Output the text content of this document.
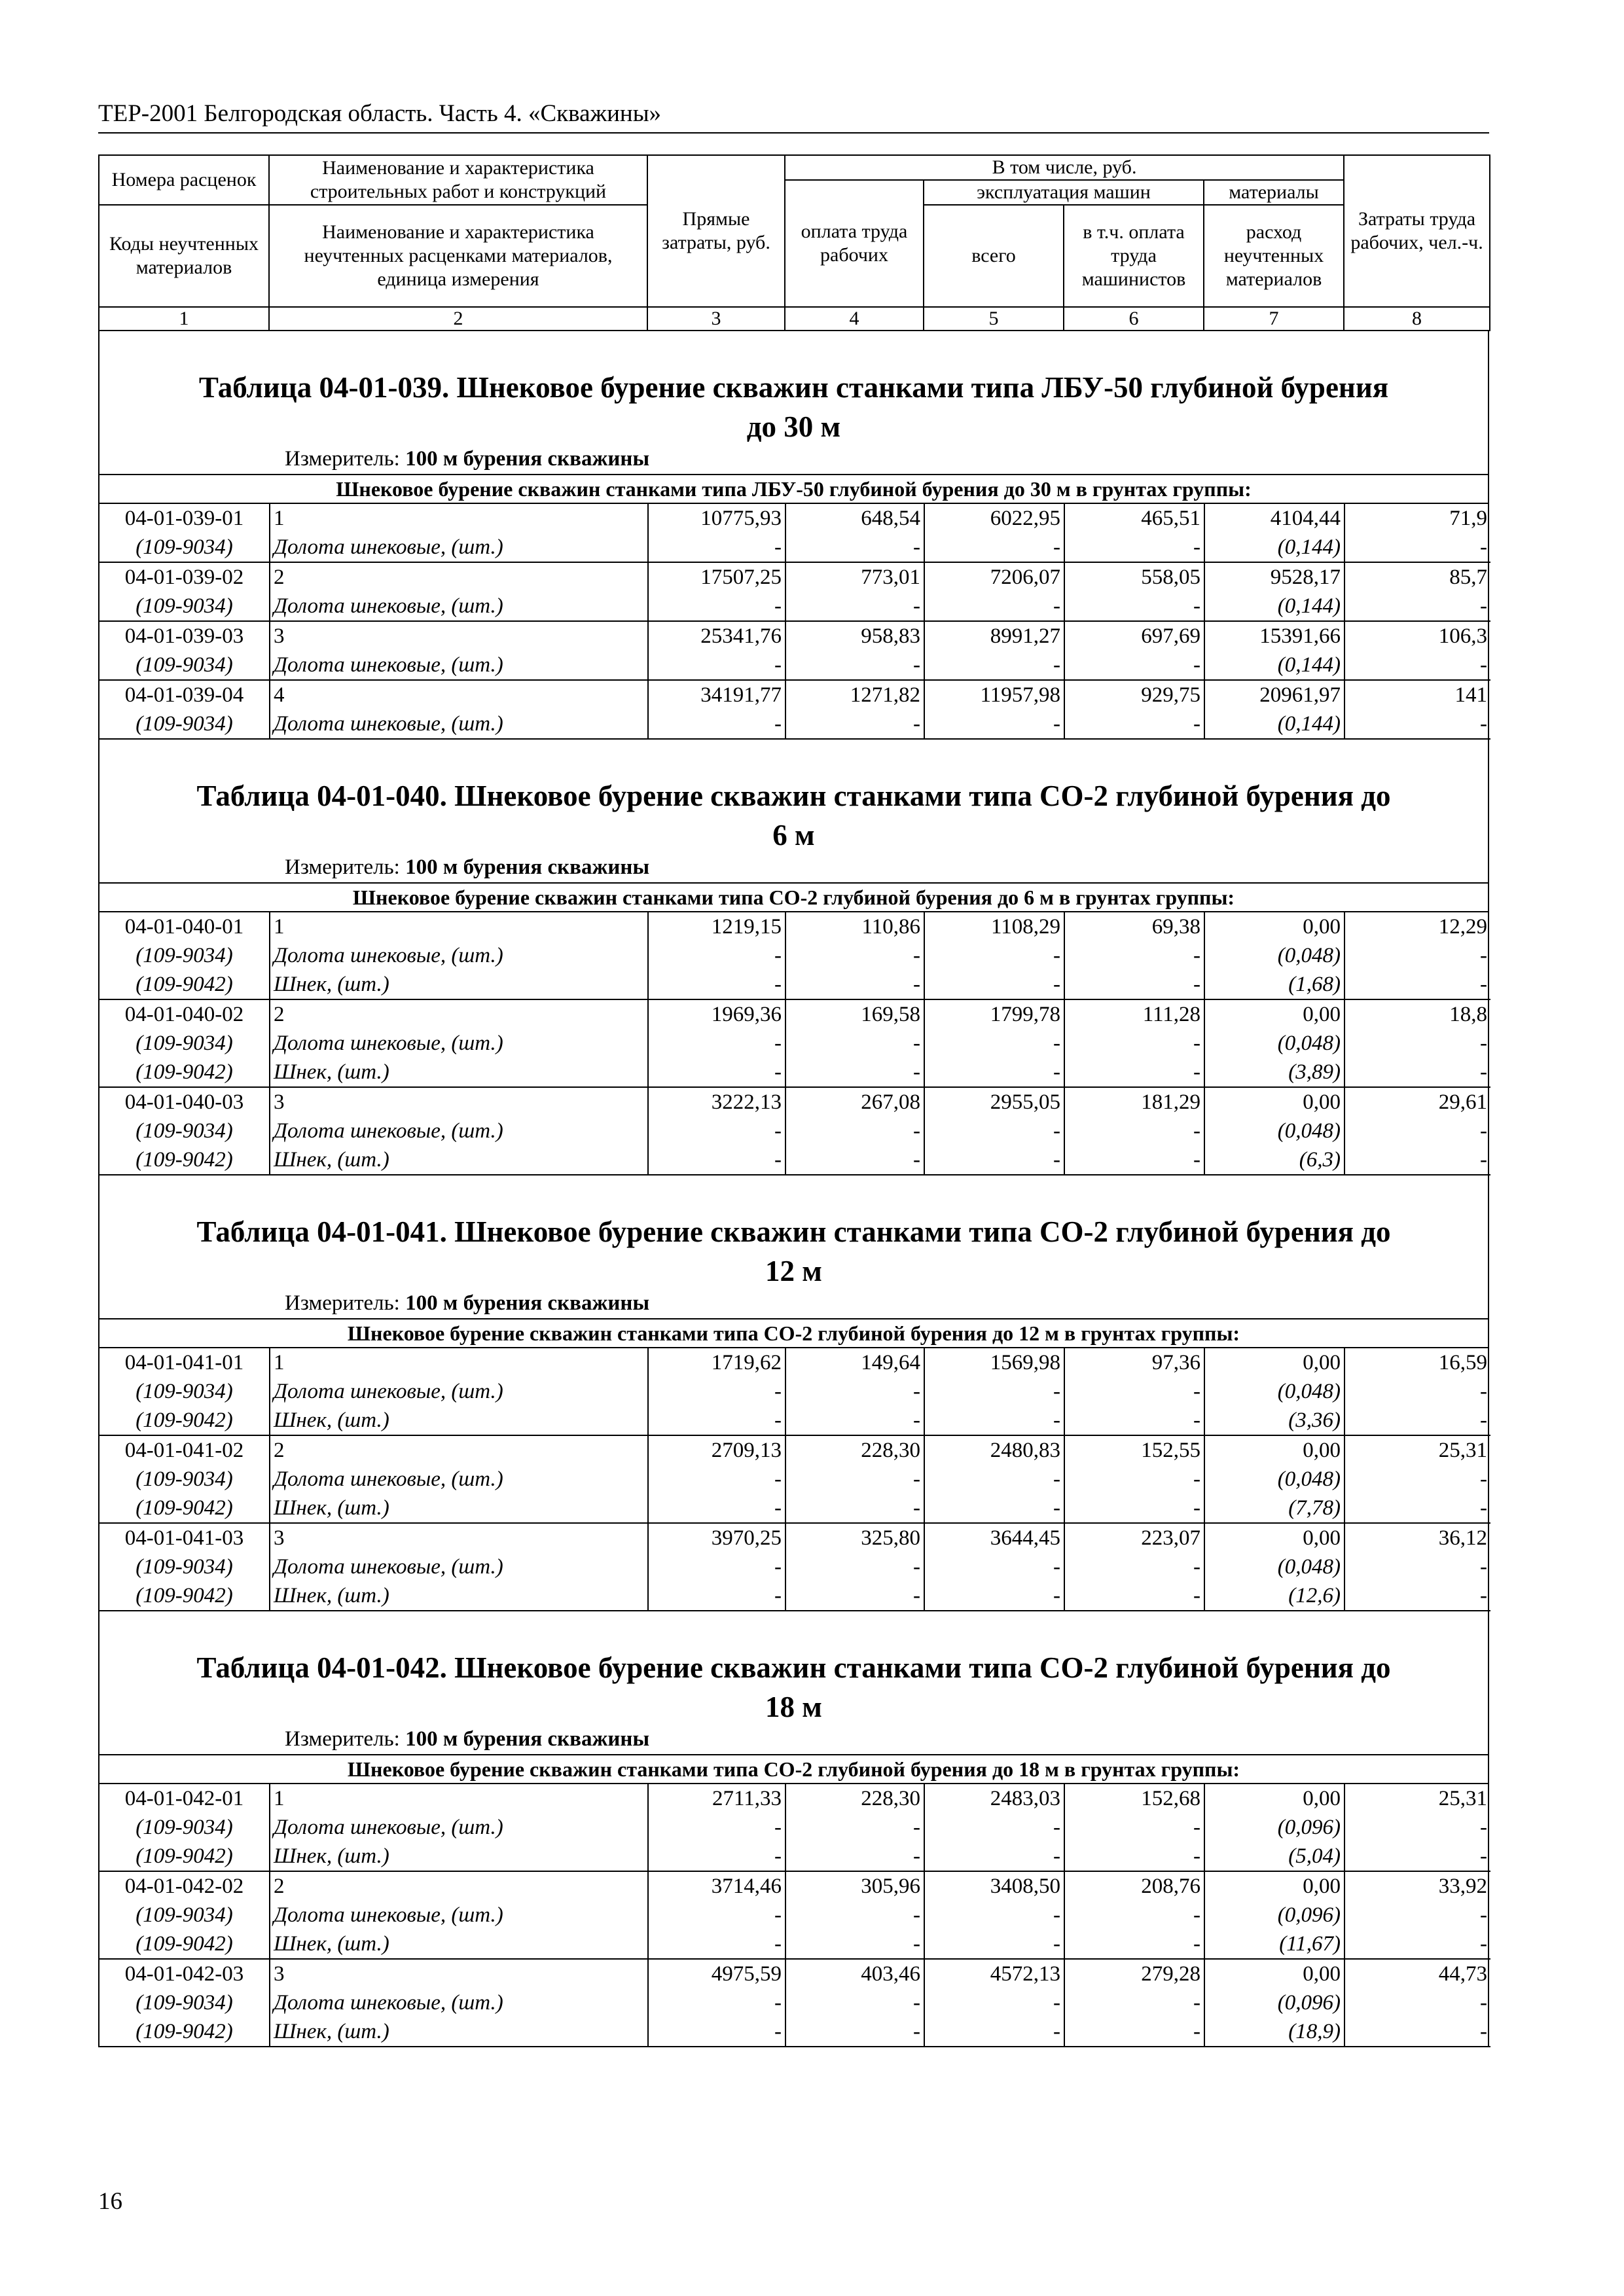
ТЕР-2001 Белгородская область. Часть 4. «Скважины»
Номера расценок	Наименование и характеристика строительных работ и конструкций	Прямые затраты, руб.	В том числе, руб.				Затраты труда рабочих, чел.-ч.
			оплата труда рабочих	эксплуатация машин		материалы	
Коды неучтенных материалов	Наименование и характеристика неучтенных расценками материалов, единица измерения			всего	в т.ч. оплата труда машинистов	расход неучтенных материалов	

1	2	3	4	5	6	7	8
Таблица 04-01-039. Шнековое бурение скважин станками типа ЛБУ-50 глубиной бурения
до 30 м
Измеритель: 100 м бурения скважины
Шнековое бурение скважин станками типа ЛБУ-50 глубиной бурения до 30 м в грунтах группы:
04-01-039-01	1	10775,93	648,54	6022,95	465,51	4104,44	71,9
(109-9034)	Долота шнековые, (шт.)	-	-	-	-	(0,144)	-
04-01-039-02	2	17507,25	773,01	7206,07	558,05	9528,17	85,7
(109-9034)	Долота шнековые, (шт.)	-	-	-	-	(0,144)	-
04-01-039-03	3	25341,76	958,83	8991,27	697,69	15391,66	106,3
(109-9034)	Долота шнековые, (шт.)	-	-	-	-	(0,144)	-
04-01-039-04	4	34191,77	1271,82	11957,98	929,75	20961,97	141
(109-9034)	Долота шнековые, (шт.)	-	-	-	-	(0,144)	-
Таблица 04-01-040. Шнековое бурение скважин станками типа СО-2 глубиной бурения до
6 м
Измеритель: 100 м бурения скважины
Шнековое бурение скважин станками типа СО-2 глубиной бурения до 6 м в грунтах группы:
04-01-040-01	1	1219,15	110,86	1108,29	69,38	0,00	12,29
(109-9034)	Долота шнековые, (шт.)	-	-	-	-	(0,048)	-
(109-9042)	Шнек, (шт.)	-	-	-	-	(1,68)	-
04-01-040-02	2	1969,36	169,58	1799,78	111,28	0,00	18,8
(109-9034)	Долота шнековые, (шт.)	-	-	-	-	(0,048)	-
(109-9042)	Шнек, (шт.)	-	-	-	-	(3,89)	-
04-01-040-03	3	3222,13	267,08	2955,05	181,29	0,00	29,61
(109-9034)	Долота шнековые, (шт.)	-	-	-	-	(0,048)	-
(109-9042)	Шнек, (шт.)	-	-	-	-	(6,3)	-
Таблица 04-01-041. Шнековое бурение скважин станками типа СО-2 глубиной бурения до
12 м
Измеритель: 100 м бурения скважины
Шнековое бурение скважин станками типа СО-2 глубиной бурения до 12 м в грунтах группы:
04-01-041-01	1	1719,62	149,64	1569,98	97,36	0,00	16,59
(109-9034)	Долота шнековые, (шт.)	-	-	-	-	(0,048)	-
(109-9042)	Шнек, (шт.)	-	-	-	-	(3,36)	-
04-01-041-02	2	2709,13	228,30	2480,83	152,55	0,00	25,31
(109-9034)	Долота шнековые, (шт.)	-	-	-	-	(0,048)	-
(109-9042)	Шнек, (шт.)	-	-	-	-	(7,78)	-
04-01-041-03	3	3970,25	325,80	3644,45	223,07	0,00	36,12
(109-9034)	Долота шнековые, (шт.)	-	-	-	-	(0,048)	-
(109-9042)	Шнек, (шт.)	-	-	-	-	(12,6)	-
Таблица 04-01-042. Шнековое бурение скважин станками типа СО-2 глубиной бурения до
18 м
Измеритель: 100 м бурения скважины
Шнековое бурение скважин станками типа СО-2 глубиной бурения до 18 м в грунтах группы:
04-01-042-01	1	2711,33	228,30	2483,03	152,68	0,00	25,31
(109-9034)	Долота шнековые, (шт.)	-	-	-	-	(0,096)	-
(109-9042)	Шнек, (шт.)	-	-	-	-	(5,04)	-
04-01-042-02	2	3714,46	305,96	3408,50	208,76	0,00	33,92
(109-9034)	Долота шнековые, (шт.)	-	-	-	-	(0,096)	-
(109-9042)	Шнек, (шт.)	-	-	-	-	(11,67)	-
04-01-042-03	3	4975,59	403,46	4572,13	279,28	0,00	44,73
(109-9034)	Долота шнековые, (шт.)	-	-	-	-	(0,096)	-
(109-9042)	Шнек, (шт.)	-	-	-	-	(18,9)	-
16
